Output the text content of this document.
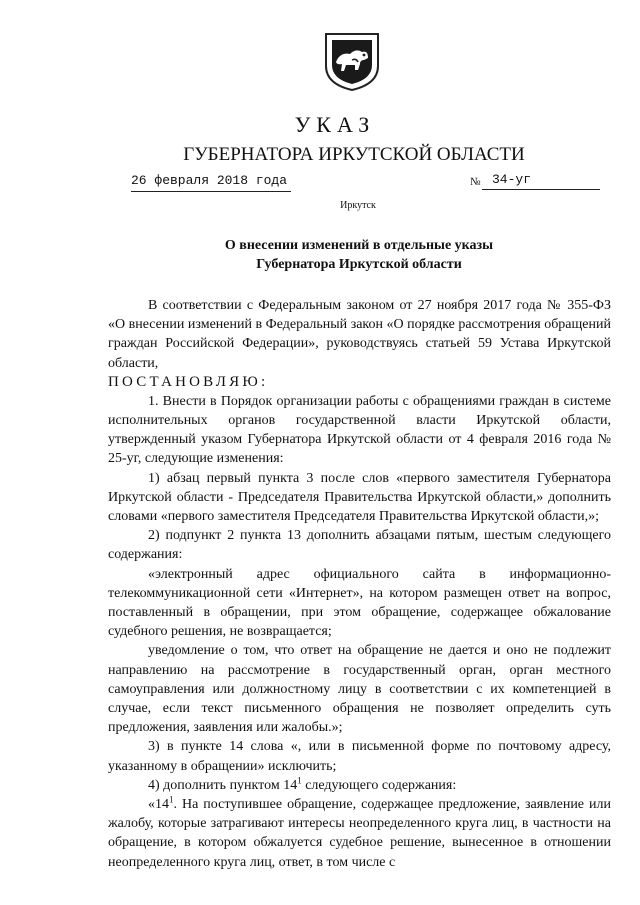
УКАЗ
ГУБЕРНАТОРА ИРКУТСКОЙ ОБЛАСТИ
26 февраля 2018 года	№ 34-уг
Иркутск
О внесении изменений в отдельные указы
Губернатора Иркутской области

В соответствии с Федеральным законом от 27 ноября 2017 года № 355-ФЗ «О внесении изменений в Федеральный закон «О порядке рассмотрения обращений граждан Российской Федерации», руководствуясь статьей 59 Устава Иркутской области,

ПОСТАНОВЛЯЮ:

1. Внести в Порядок организации работы с обращениями граждан в системе исполнительных органов государственной власти Иркутской области, утвержденный указом Губернатора Иркутской области от 4 февраля 2016 года № 25-уг, следующие изменения:

1) абзац первый пункта 3 после слов «первого заместителя Губернатора Иркутской области - Председателя Правительства Иркутской области,» дополнить словами «первого заместителя Председателя Правительства Иркутской области,»;

2) подпункт 2 пункта 13 дополнить абзацами пятым, шестым следующего содержания:

«электронный адрес официального сайта в информационно-телекоммуникационной сети «Интернет», на котором размещен ответ на вопрос, поставленный в обращении, при этом обращение, содержащее обжалование судебного решения, не возвращается;

уведомление о том, что ответ на обращение не дается и оно не подлежит направлению на рассмотрение в государственный орган, орган местного самоуправления или должностному лицу в соответствии с их компетенцией в случае, если текст письменного обращения не позволяет определить суть предложения, заявления или жалобы.»;

3) в пункте 14 слова «, или в письменной форме по почтовому адресу, указанному в обращении» исключить;

4) дополнить пунктом $14^1$ следующего содержания:

«$14^1$. На поступившее обращение, содержащее предложение, заявление или жалобу, которые затрагивают интересы неопределенного круга лиц, в частности на обращение, в котором обжалуется судебное решение, вынесенное в отношении неопределенного круга лиц, ответ, в том числе с
